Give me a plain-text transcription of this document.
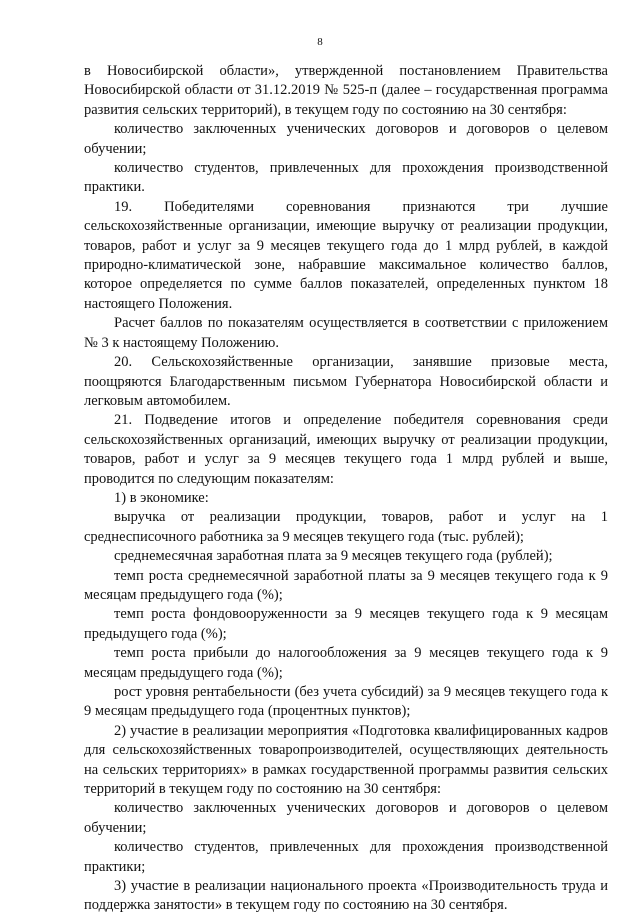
8

в Новосибирской области», утвержденной постановлением Правительства Новосибирской области от 31.12.2019 № 525-п (далее – государственная программа развития сельских территорий), в текущем году по состоянию на 30 сентября:

количество заключенных ученических договоров и договоров о целевом обучении;

количество студентов, привлеченных для прохождения производственной практики.

19. Победителями соревнования признаются три лучшие сельскохозяйственные организации, имеющие выручку от реализации продукции, товаров, работ и услуг за 9 месяцев текущего года до 1 млрд рублей, в каждой природно-климатической зоне, набравшие максимальное количество баллов, которое определяется по сумме баллов показателей, определенных пунктом 18 настоящего Положения.

Расчет баллов по показателям осуществляется в соответствии с приложением № 3 к настоящему Положению.

20. Сельскохозяйственные организации, занявшие призовые места, поощряются Благодарственным письмом Губернатора Новосибирской области и легковым автомобилем.

21. Подведение итогов и определение победителя соревнования среди сельскохозяйственных организаций, имеющих выручку от реализации продукции, товаров, работ и услуг за 9 месяцев текущего года 1 млрд рублей и выше, проводится по следующим показателям:

1) в экономике:

выручка от реализации продукции, товаров, работ и услуг на 1 среднесписочного работника за 9 месяцев текущего года (тыс. рублей);

среднемесячная заработная плата за 9 месяцев текущего года (рублей);

темп роста среднемесячной заработной платы за 9 месяцев текущего года к 9 месяцам предыдущего года (%);

темп роста фондовооруженности за 9 месяцев текущего года к 9 месяцам предыдущего года (%);

темп роста прибыли до налогообложения за 9 месяцев текущего года к 9 месяцам предыдущего года (%);

рост уровня рентабельности (без учета субсидий) за 9 месяцев текущего года к 9 месяцам предыдущего года (процентных пунктов);

2) участие в реализации мероприятия «Подготовка квалифицированных кадров для сельскохозяйственных товаропроизводителей, осуществляющих деятельность на сельских территориях» в рамках государственной программы развития сельских территорий в текущем году по состоянию на 30 сентября:

количество заключенных ученических договоров и договоров о целевом обучении;

количество студентов, привлеченных для прохождения производственной практики;

3) участие в реализации национального проекта «Производительность труда и поддержка занятости» в текущем году по состоянию на 30 сентября.
